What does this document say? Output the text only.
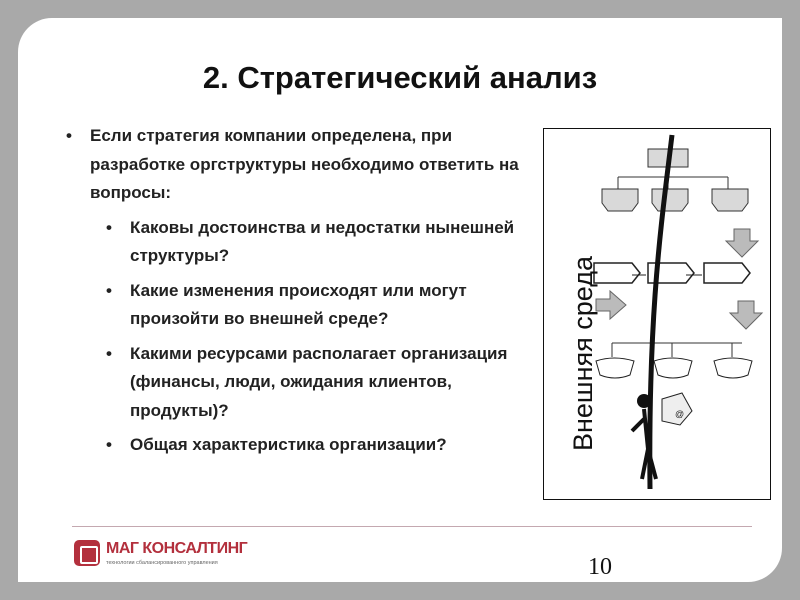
2. Стратегический анализ
• Если стратегия компании определена, при разработке оргструктуры необходимо ответить на вопросы:
• Каковы достоинства и недостатки нынешней структуры?
• Какие изменения происходят или могут произойти во внешней среде?
• Какими ресурсами располагает организация (финансы, люди, ожидания клиентов, продукты)?
• Общая характеристика организации?
@
Внешняя среда
МАГ КОНСАЛТИНГ
технологии сбалансированного управления	10
